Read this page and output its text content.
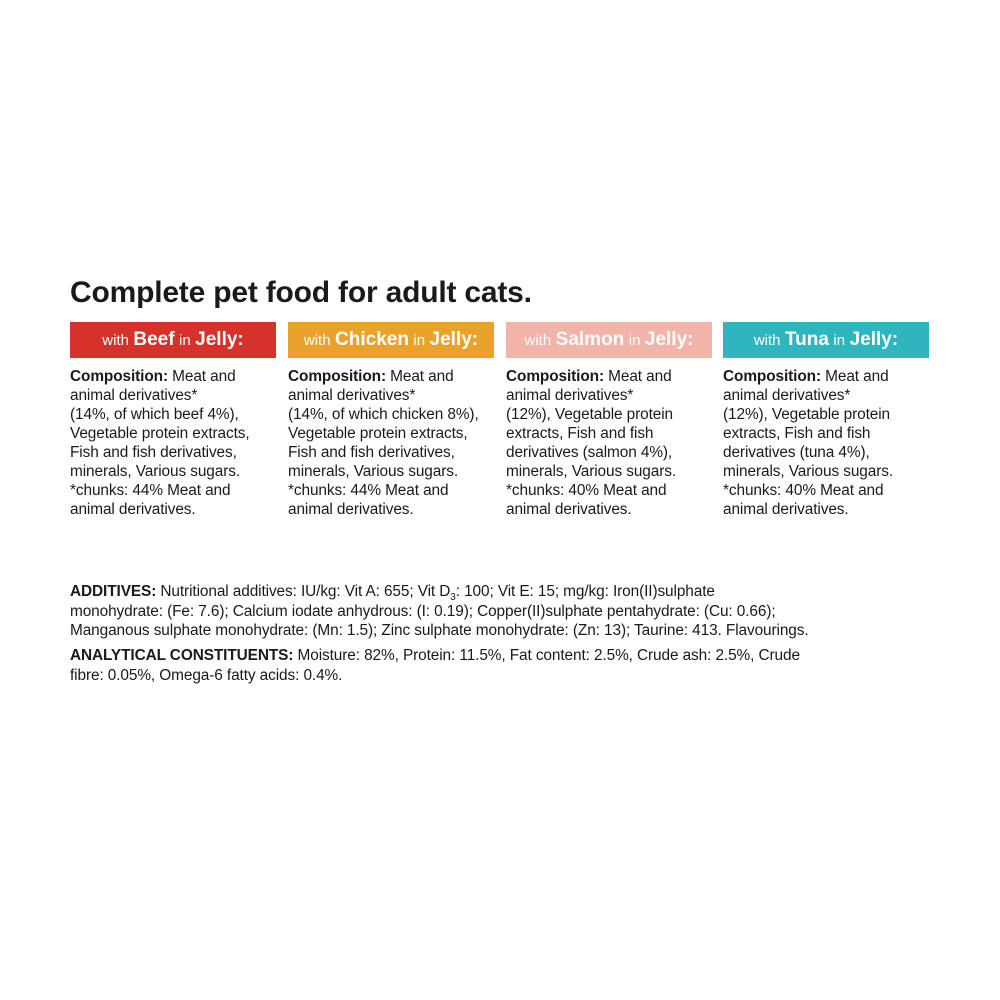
Complete pet food for adult cats.
with Beef in Jelly:
Composition: Meat and
animal derivatives*
(14%, of which beef 4%),
Vegetable protein extracts,
Fish and fish derivatives,
minerals, Various sugars.
*chunks: 44% Meat and
animal derivatives.
with Chicken in Jelly:
Composition: Meat and
animal derivatives*
(14%, of which chicken 8%),
Vegetable protein extracts,
Fish and fish derivatives,
minerals, Various sugars.
*chunks: 44% Meat and
animal derivatives.
with Salmon in Jelly:
Composition: Meat and
animal derivatives*
(12%), Vegetable protein
extracts, Fish and fish
derivatives (salmon 4%),
minerals, Various sugars.
*chunks: 40% Meat and
animal derivatives.
with Tuna in Jelly:
Composition: Meat and
animal derivatives*
(12%), Vegetable protein
extracts, Fish and fish
derivatives (tuna 4%),
minerals, Various sugars.
*chunks: 40% Meat and
animal derivatives.
ADDITIVES: Nutritional additives: IU/kg: Vit A: 655; Vit $D_3$: 100; Vit E: 15; mg/kg: Iron(II)sulphate
monohydrate: (Fe: 7.6); Calcium iodate anhydrous: (I: 0.19); Copper(II)sulphate pentahydrate: (Cu: 0.66);
Manganous sulphate monohydrate: (Mn: 1.5); Zinc sulphate monohydrate: (Zn: 13); Taurine: 413. Flavourings.
ANALYTICAL CONSTITUENTS: Moisture: 82%, Protein: 11.5%, Fat content: 2.5%, Crude ash: 2.5%, Crude
fibre: 0.05%, Omega-6 fatty acids: 0.4%.
